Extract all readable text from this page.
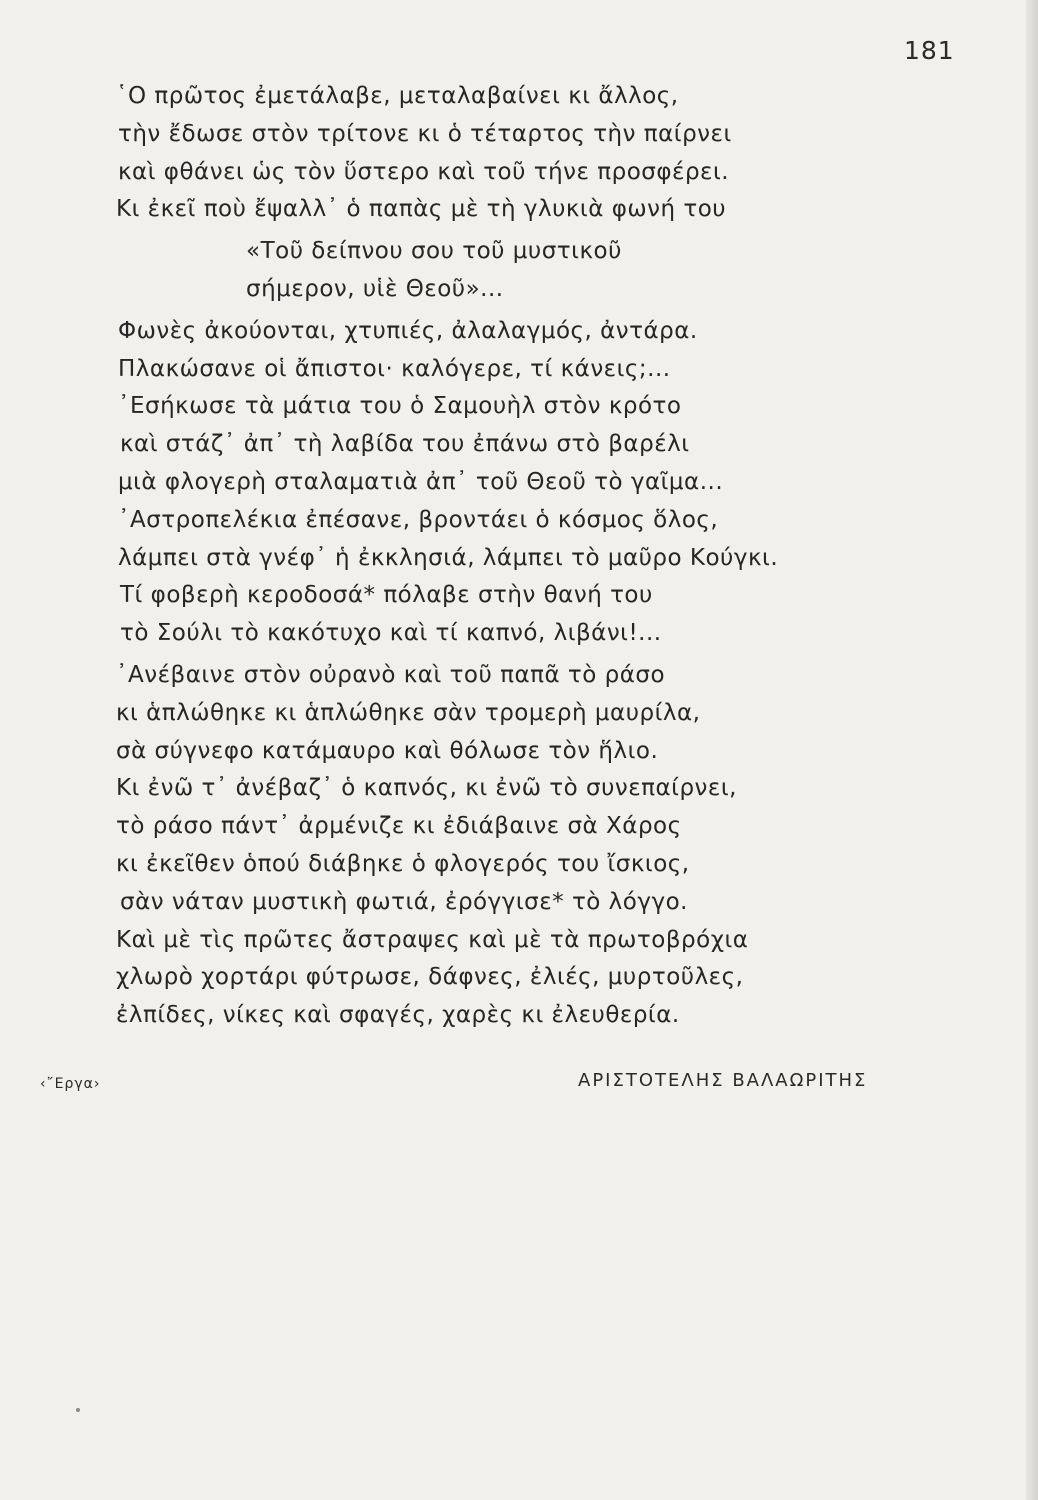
181
῾Ο πρῶτος ἐμετάλαβε, μεταλαβαίνει κι ἄλλος,
τὴν ἔδωσε στὸν τρίτονε κι ὁ τέταρτος τὴν παίρνει
καὶ φθάνει ὡς τὸν ὕστερο καὶ τοῦ τήνε προσφέρει.
Κι ἐκεῖ ποὺ ἔψαλλ᾿ ὁ παπὰς μὲ τὴ γλυκιὰ φωνή του
«Τοῦ δείπνου σου τοῦ μυστικοῦ
σήμερον, υἱὲ Θεοῦ»...
Φωνὲς ἀκούονται, χτυπιές, ἀλαλαγμός, ἀντάρα.
Πλακώσανε οἱ ἄπιστοι· καλόγερε, τί κάνεις;...
᾿Εσήκωσε τὰ μάτια του ὁ Σαμουὴλ στὸν κρότο
καὶ στάζ᾿ ἀπ᾿ τὴ λαβίδα του ἐπάνω στὸ βαρέλι
μιὰ φλογερὴ σταλαματιὰ ἀπ᾿ τοῦ Θεοῦ τὸ γαῖμα...
᾿Αστροπελέκια ἐπέσανε, βροντάει ὁ κόσμος ὅλος,
λάμπει στὰ γνέφ᾿ ἡ ἐκκλησιά, λάμπει τὸ μαῦρο Κούγκι.
Τί φοβερὴ κεροδοσά* πόλαβε στὴν θανή του
τὸ Σούλι τὸ κακότυχο καὶ τί καπνό, λιβάνι!...
᾿Ανέβαινε στὸν οὐρανὸ καὶ τοῦ παπᾶ τὸ ράσο
κι ἁπλώθηκε κι ἁπλώθηκε σὰν τρομερὴ μαυρίλα,
σὰ σύγνεφο κατάμαυρο καὶ θόλωσε τὸν ἥλιο.
Κι ἐνῶ τ᾿ ἀνέβαζ᾿ ὁ καπνός, κι ἐνῶ τὸ συνεπαίρνει,
τὸ ράσο πάντ᾿ ἀρμένιζε κι ἐδιάβαινε σὰ Χάρος
κι ἐκεῖθεν ὁπού διάβηκε ὁ φλογερός του ἴσκιος,
σὰν νάταν μυστικὴ φωτιά, ἐρόγγισε* τὸ λόγγο.
Καὶ μὲ τὶς πρῶτες ἄστραψες καὶ μὲ τὰ πρωτοβρόχια
χλωρὸ χορτάρι φύτρωσε, δάφνες, ἐλιές, μυρτοῦλες,
ἐλπίδες, νίκες καὶ σφαγές, χαρὲς κι ἐλευθερία.
‹῎Εργα›	ΑΡΙΣΤΟΤΕΛΗΣ ΒΑΛΑΩΡΙΤΗΣ
